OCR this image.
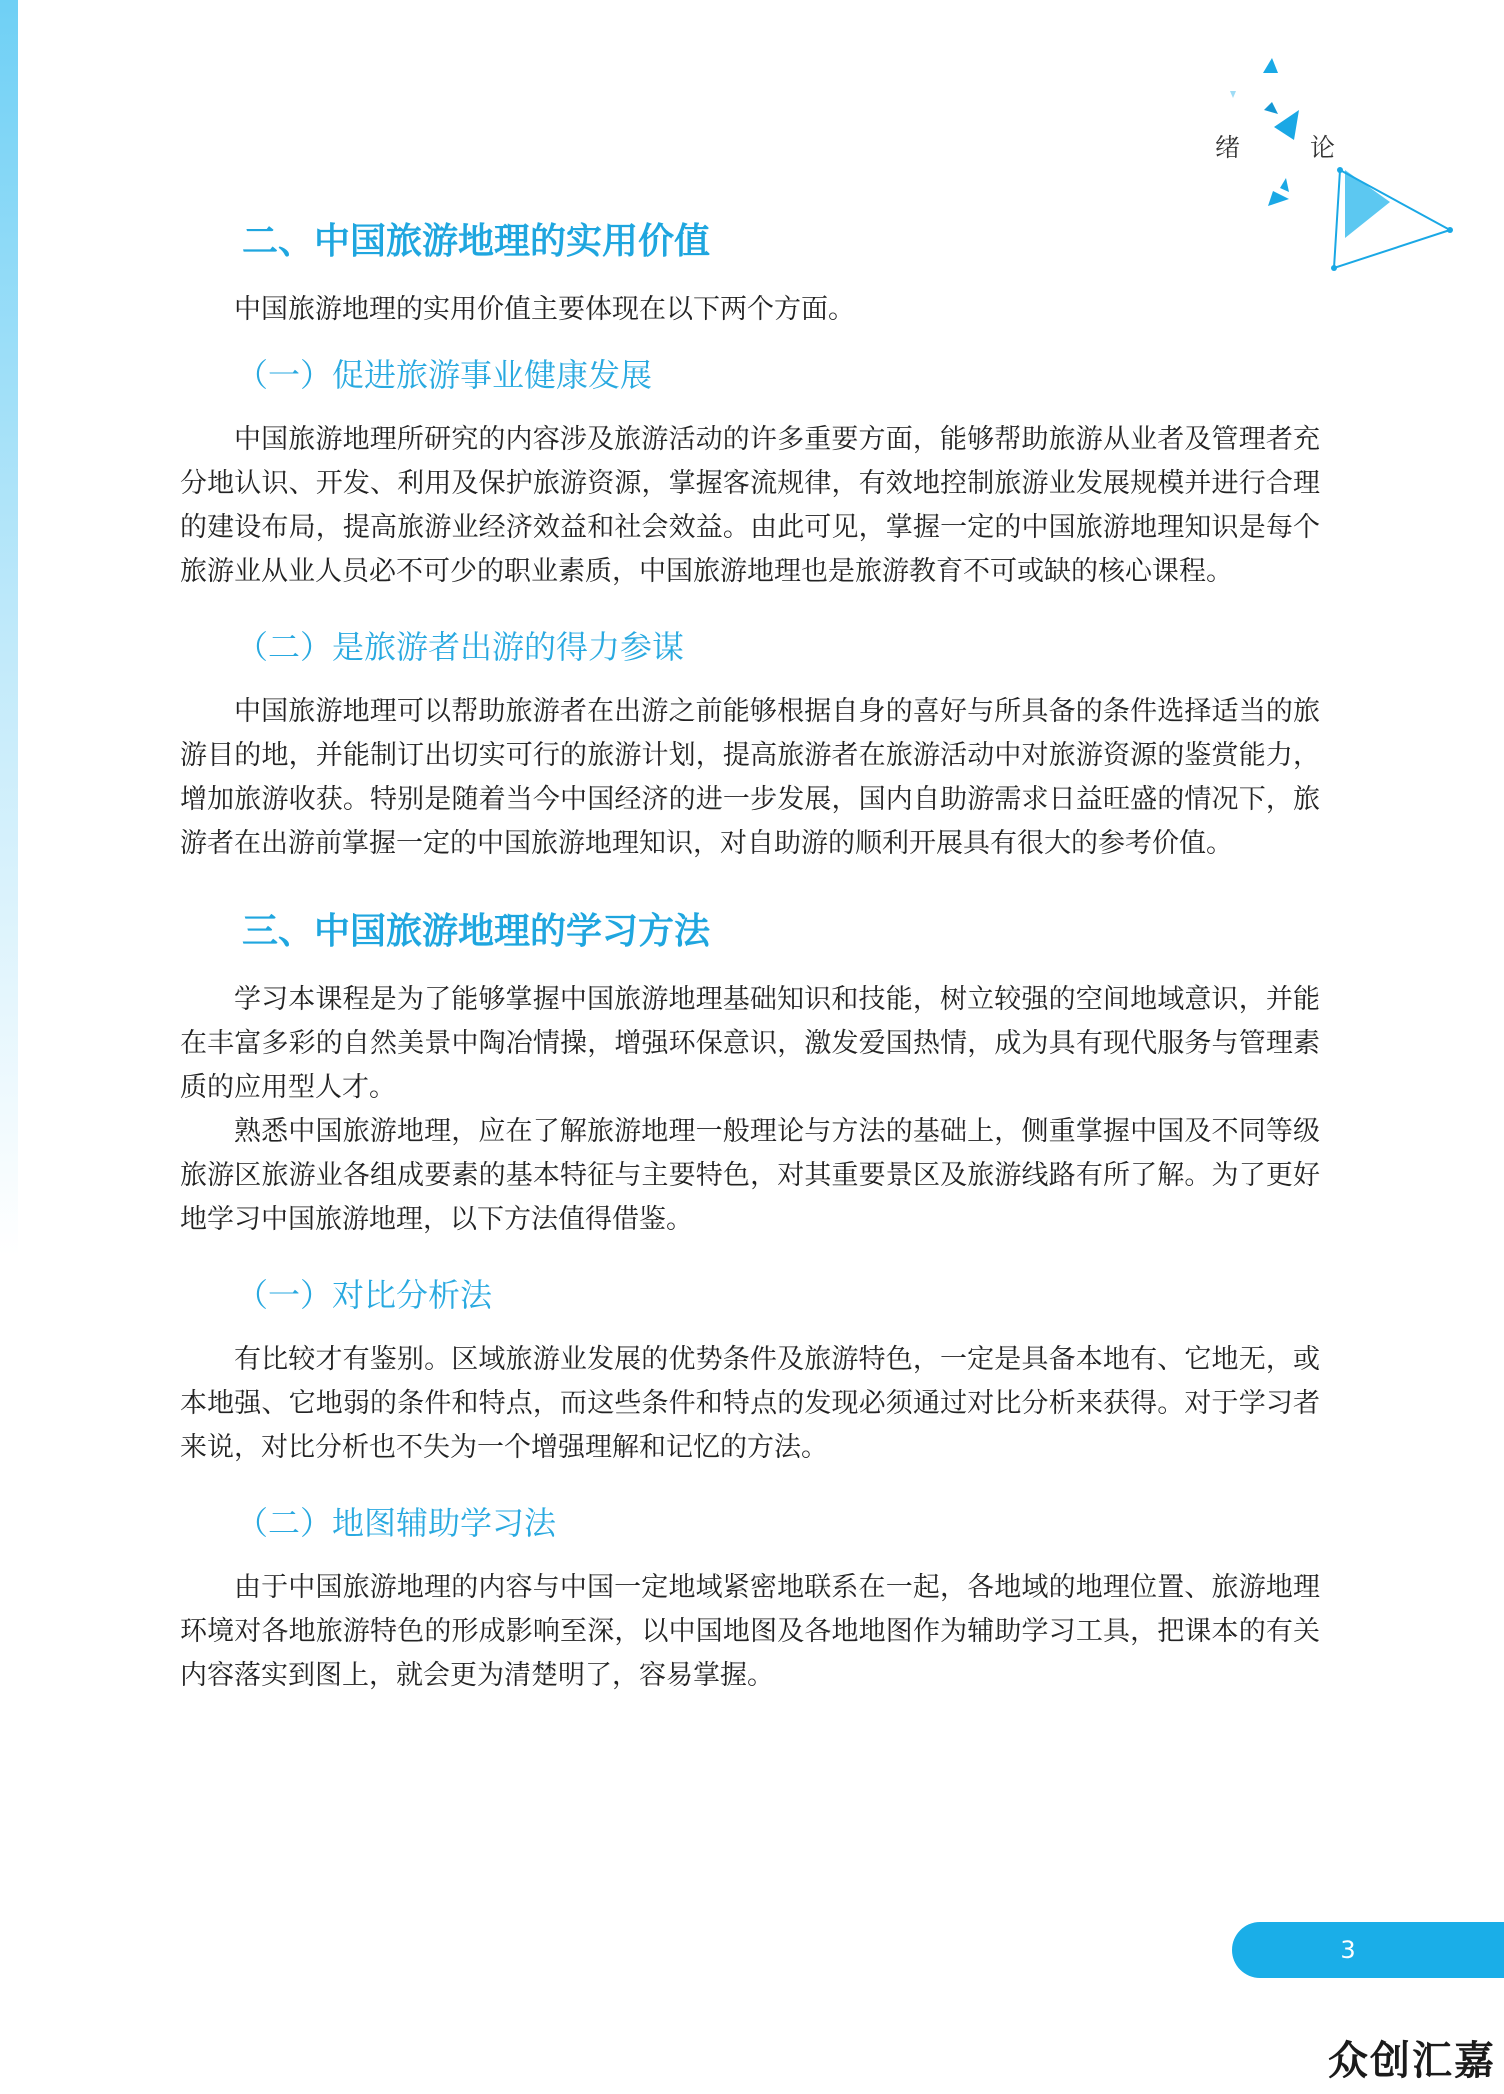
绪	论
二、中国旅游地理的实用价值

中国旅游地理的实用价值主要体现在以下两个方面。

（一）促进旅游事业健康发展

中国旅游地理所研究的内容涉及旅游活动的许多重要方面，能够帮助旅游从业者及管理者充分地认识、开发、利用及保护旅游资源，掌握客流规律，有效地控制旅游业发展规模并进行合理的建设布局，提高旅游业经济效益和社会效益。由此可见，掌握一定的中国旅游地理知识是每个旅游业从业人员必不可少的职业素质，中国旅游地理也是旅游教育不可或缺的核心课程。

（二）是旅游者出游的得力参谋

中国旅游地理可以帮助旅游者在出游之前能够根据自身的喜好与所具备的条件选择适当的旅游目的地，并能制订出切实可行的旅游计划，提高旅游者在旅游活动中对旅游资源的鉴赏能力，增加旅游收获。特别是随着当今中国经济的进一步发展，国内自助游需求日益旺盛的情况下，旅游者在出游前掌握一定的中国旅游地理知识，对自助游的顺利开展具有很大的参考价值。

三、中国旅游地理的学习方法

学习本课程是为了能够掌握中国旅游地理基础知识和技能，树立较强的空间地域意识，并能在丰富多彩的自然美景中陶冶情操，增强环保意识，激发爱国热情，成为具有现代服务与管理素质的应用型人才。

熟悉中国旅游地理，应在了解旅游地理一般理论与方法的基础上，侧重掌握中国及不同等级旅游区旅游业各组成要素的基本特征与主要特色，对其重要景区及旅游线路有所了解。为了更好地学习中国旅游地理，以下方法值得借鉴。

（一）对比分析法

有比较才有鉴别。区域旅游业发展的优势条件及旅游特色，一定是具备本地有、它地无，或本地强、它地弱的条件和特点，而这些条件和特点的发现必须通过对比分析来获得。对于学习者来说，对比分析也不失为一个增强理解和记忆的方法。

（二）地图辅助学习法

由于中国旅游地理的内容与中国一定地域紧密地联系在一起，各地域的地理位置、旅游地理环境对各地旅游特色的形成影响至深，以中国地图及各地地图作为辅助学习工具，把课本的有关内容落实到图上，就会更为清楚明了，容易掌握。

3
众创汇嘉
